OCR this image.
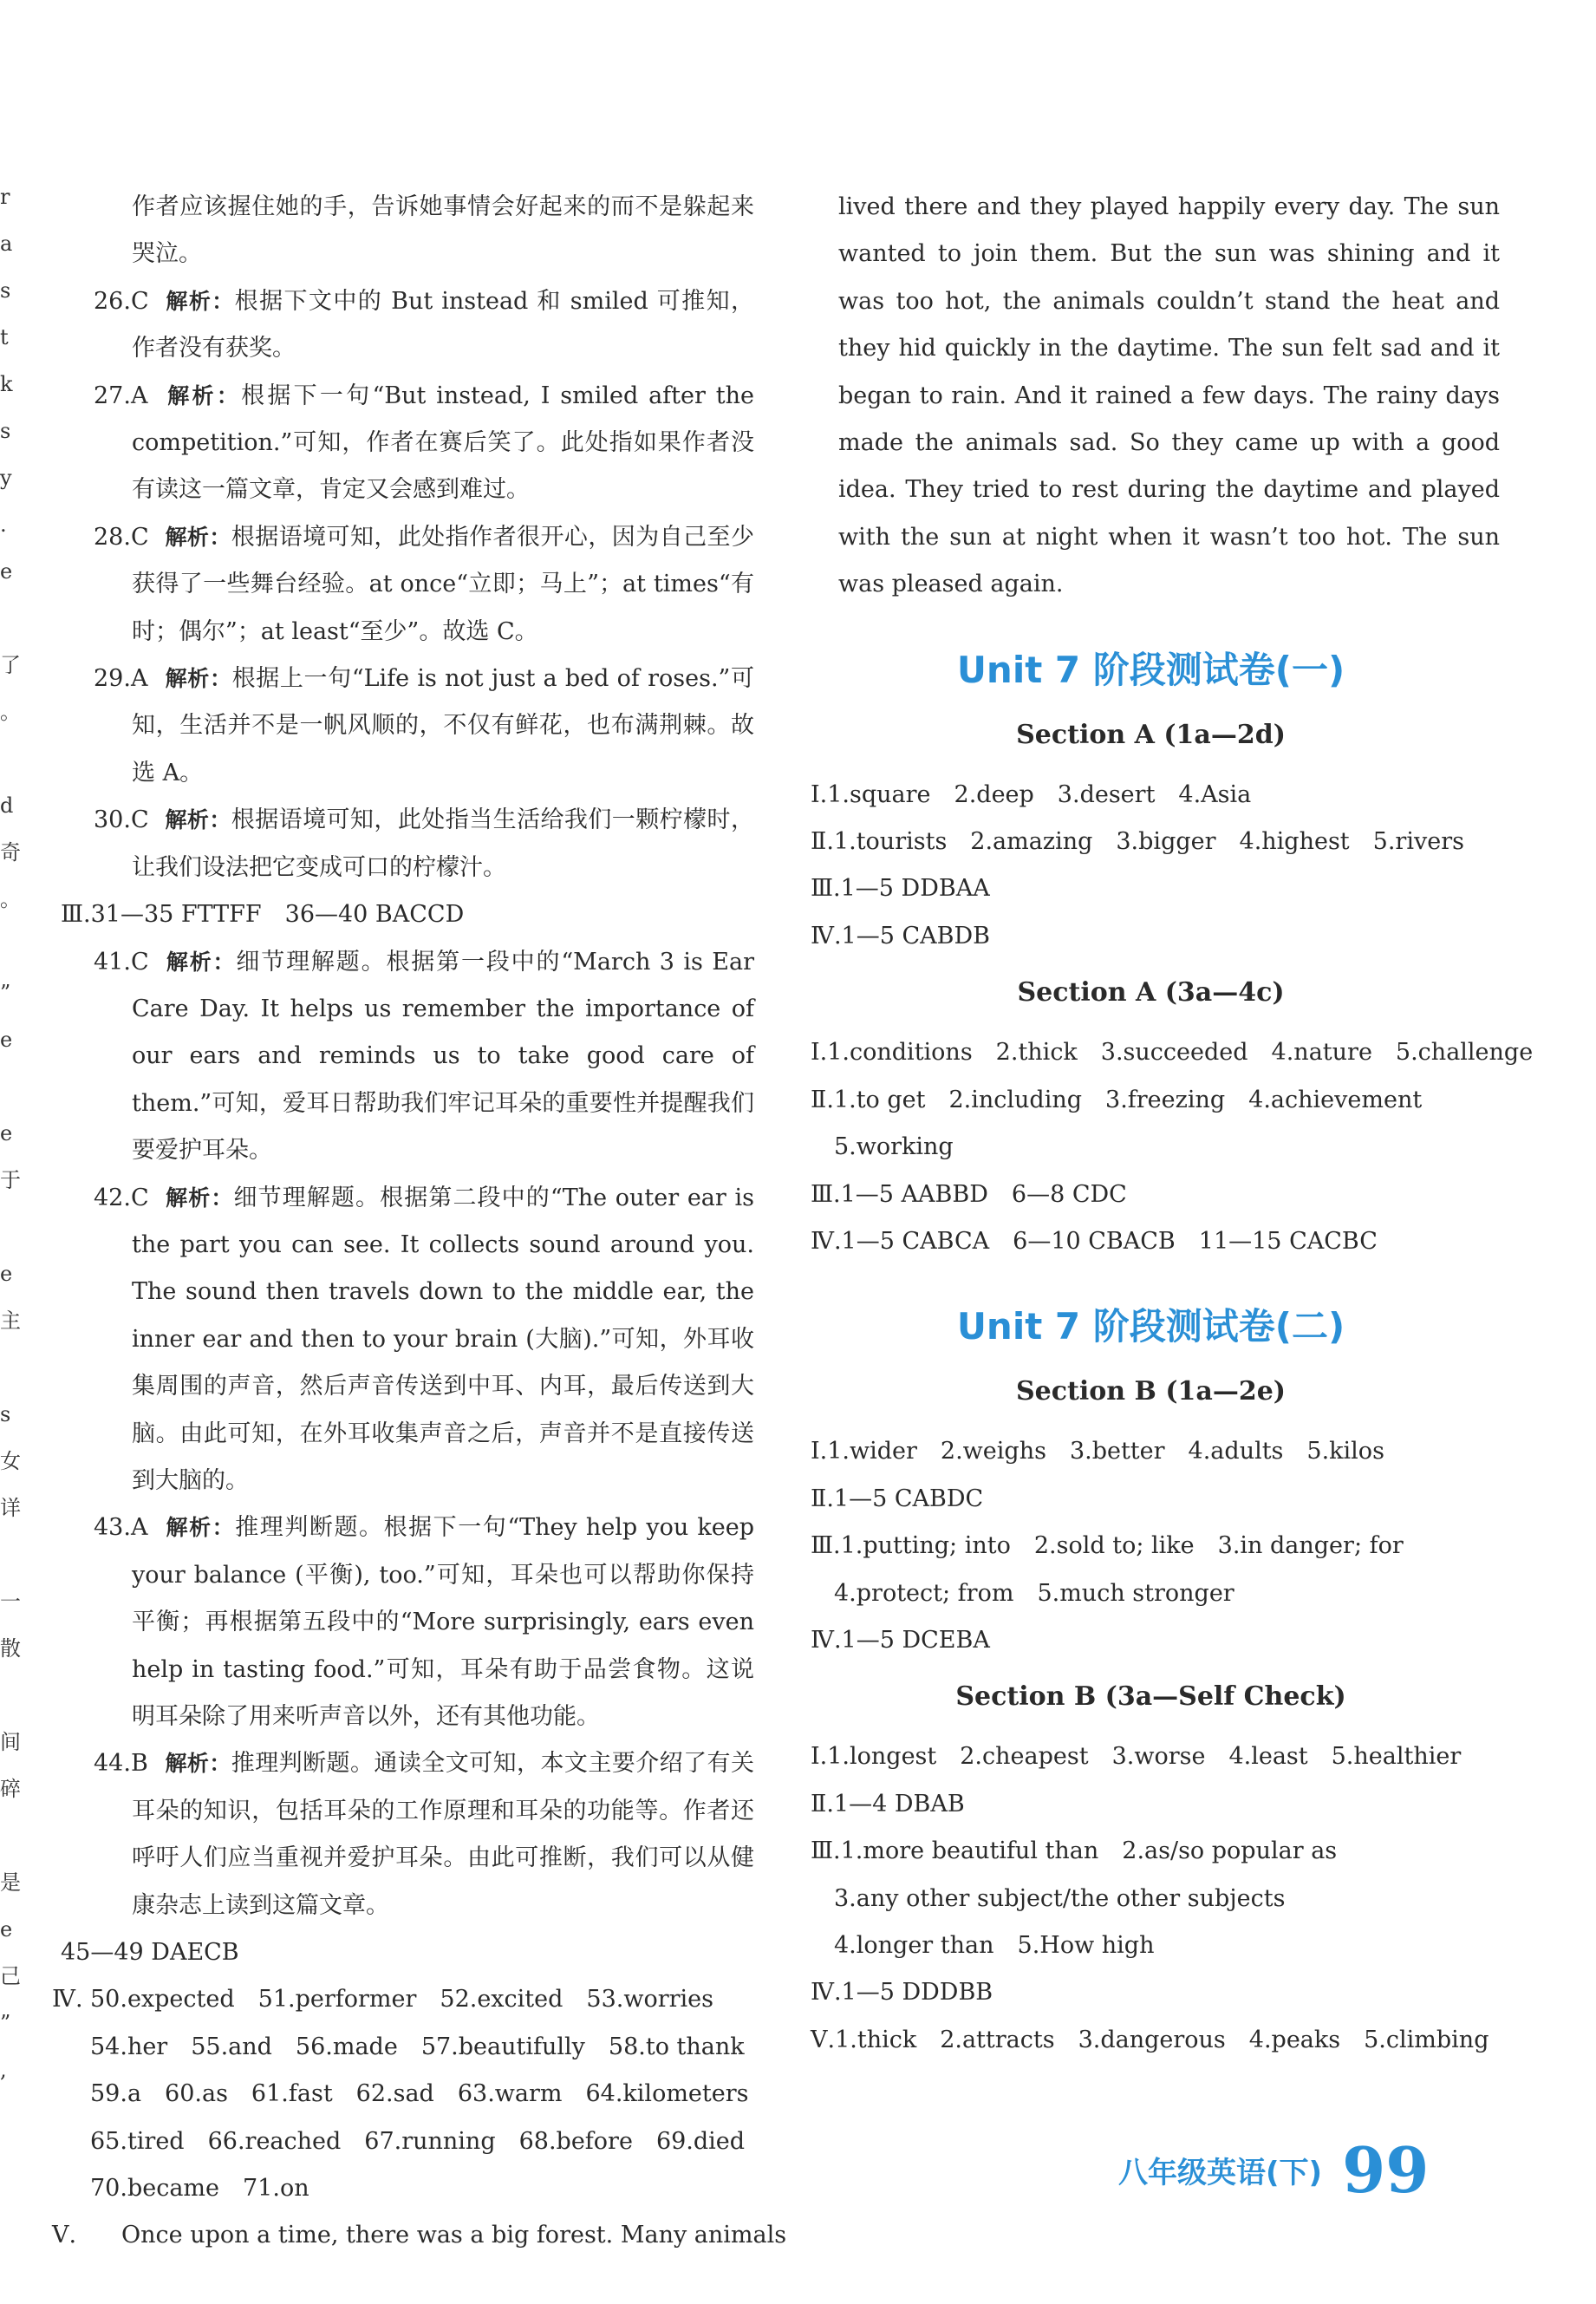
r
a
s
t
k
s
y
.
e
了
。
d
奇
。
”
e
e
于
e
主
s
女
详
一
散
间
碎
是
e
己
”
,

作者应该握住她的手，告诉她事情会好起来的而不是躲起来哭泣。

26.C 解析：根据下文中的 But instead 和 smiled 可推知，作者没有获奖。

27.A 解析：根据下一句“But instead, I smiled after the competition.”可知，作者在赛后笑了。此处指如果作者没有读这一篇文章，肯定又会感到难过。

28.C 解析：根据语境可知，此处指作者很开心，因为自己至少获得了一些舞台经验。at once“立即；马上”；at times“有时；偶尔”；at least“至少”。故选 C。

29.A 解析：根据上一句“Life is not just a bed of roses.”可知，生活并不是一帆风顺的，不仅有鲜花，也布满荆棘。故选 A。

30.C 解析：根据语境可知，此处指当生活给我们一颗柠檬时，让我们设法把它变成可口的柠檬汁。

Ⅲ.31—35 FTTFF　36—40 BACCD

41.C 解析：细节理解题。根据第一段中的“March 3 is Ear Care Day. It helps us remember the importance of our ears and reminds us to take good care of them.”可知，爱耳日帮助我们牢记耳朵的重要性并提醒我们要爱护耳朵。

42.C 解析：细节理解题。根据第二段中的“The outer ear is the part you can see. It collects sound around you. The sound then travels down to the middle ear, the inner ear and then to your brain (大脑).”可知，外耳收集周围的声音，然后声音传送到中耳、内耳，最后传送到大脑。由此可知，在外耳收集声音之后，声音并不是直接传送到大脑的。

43.A 解析：推理判断题。根据下一句“They help you keep your balance (平衡), too.”可知，耳朵也可以帮助你保持平衡；再根据第五段中的“More surprisingly, ears even help in tasting food.”可知，耳朵有助于品尝食物。这说明耳朵除了用来听声音以外，还有其他功能。

44.B 解析：推理判断题。通读全文可知，本文主要介绍了有关耳朵的知识，包括耳朵的工作原理和耳朵的功能等。作者还呼吁人们应当重视并爱护耳朵。由此可推断，我们可以从健康杂志上读到这篇文章。

45—49 DAECB

Ⅳ. 50.expected　51.performer　52.excited　53.worries

54.her　55.and　56.made　57.beautifully　58.to thank

59.a　60.as　61.fast　62.sad　63.warm　64.kilometers

65.tired　66.reached　67.running　68.before　69.died

70.became　71.on

Ⅴ.	Once upon a time, there was a big forest. Many animals

lived there and they played happily every day. The sun wanted to join them. But the sun was shining and it was too hot, the animals couldn’t stand the heat and they hid quickly in the daytime. The sun felt sad and it began to rain. And it rained a few days. The rainy days made the animals sad. So they came up with a good idea. They tried to rest during the daytime and played with the sun at night when it wasn’t too hot. The sun was pleased again.

Unit 7 阶段测试卷(一)
Section A (1a—2d)

Ⅰ.1.square　2.deep　3.desert　4.Asia

Ⅱ.1.tourists　2.amazing　3.bigger　4.highest　5.rivers

Ⅲ.1—5 DDBAA

Ⅳ.1—5 CABDB

Section A (3a—4c)

Ⅰ.1.conditions　2.thick　3.succeeded　4.nature　5.challenge

Ⅱ.1.to get　2.including　3.freezing　4.achievement

　5.working

Ⅲ.1—5 AABBD　6—8 CDC

Ⅳ.1—5 CABCA　6—10 CBACB　11—15 CACBC

Unit 7 阶段测试卷(二)
Section B (1a—2e)

Ⅰ.1.wider　2.weighs　3.better　4.adults　5.kilos

Ⅱ.1—5 CABDC

Ⅲ.1.putting; into　2.sold to; like　3.in danger; for

　4.protect; from　5.much stronger

Ⅳ.1—5 DCEBA

Section B (3a—Self Check)

Ⅰ.1.longest　2.cheapest　3.worse　4.least　5.healthier

Ⅱ.1—4 DBAB

Ⅲ.1.more beautiful than　2.as/so popular as

　3.any other subject/the other subjects

　4.longer than　5.How high

Ⅳ.1—5 DDDBB

Ⅴ.1.thick　2.attracts　3.dangerous　4.peaks　5.climbing

八年级英语(下) 99
